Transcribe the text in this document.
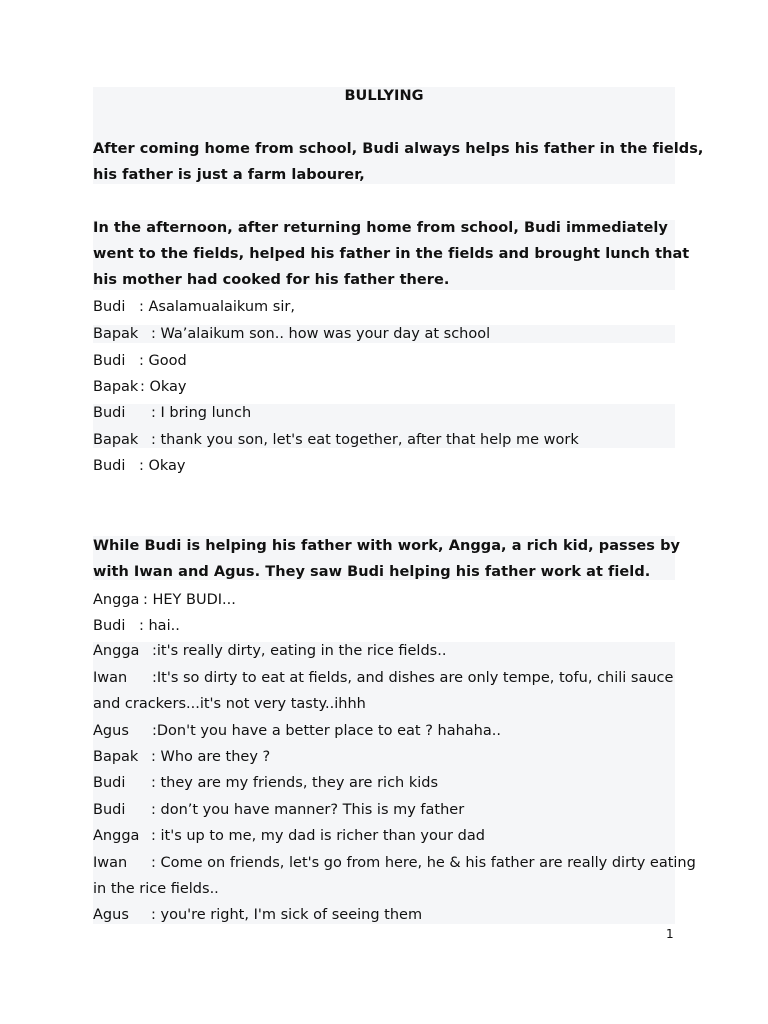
BULLYING
After coming home from school, Budi always helps his father in the fields,
his father is just a farm labourer,
In the afternoon, after returning home from school, Budi immediately
went to the fields, helped his father in the fields and brought lunch that
his mother had cooked for his father there.
Budi : Asalamualaikum sir,
Bapak : Wa’alaikum son.. how was your day at school
Budi : Good
Bapak : Okay
Budi : I bring lunch
Bapak : thank you son, let's eat together, after that help me work
Budi : Okay
While Budi is helping his father with work, Angga, a rich kid, passes by
with Iwan and Agus. They saw Budi helping his father work at field.
Angga : HEY BUDI...
Budi : hai..
Angga :it's really dirty, eating in the rice fields..
Iwan :It's so dirty to eat at fields, and dishes are only tempe, tofu, chili sauce
and crackers...it's not very tasty..ihhh
Agus :Don't you have a better place to eat ? hahaha..
Bapak : Who are they ?
Budi : they are my friends, they are rich kids
Budi : don’t you have manner? This is my father
Angga : it's up to me, my dad is richer than your dad
Iwan : Come on friends, let's go from here, he & his father are really dirty eating
in the rice fields..
Agus : you're right, I'm sick of seeing them
1
